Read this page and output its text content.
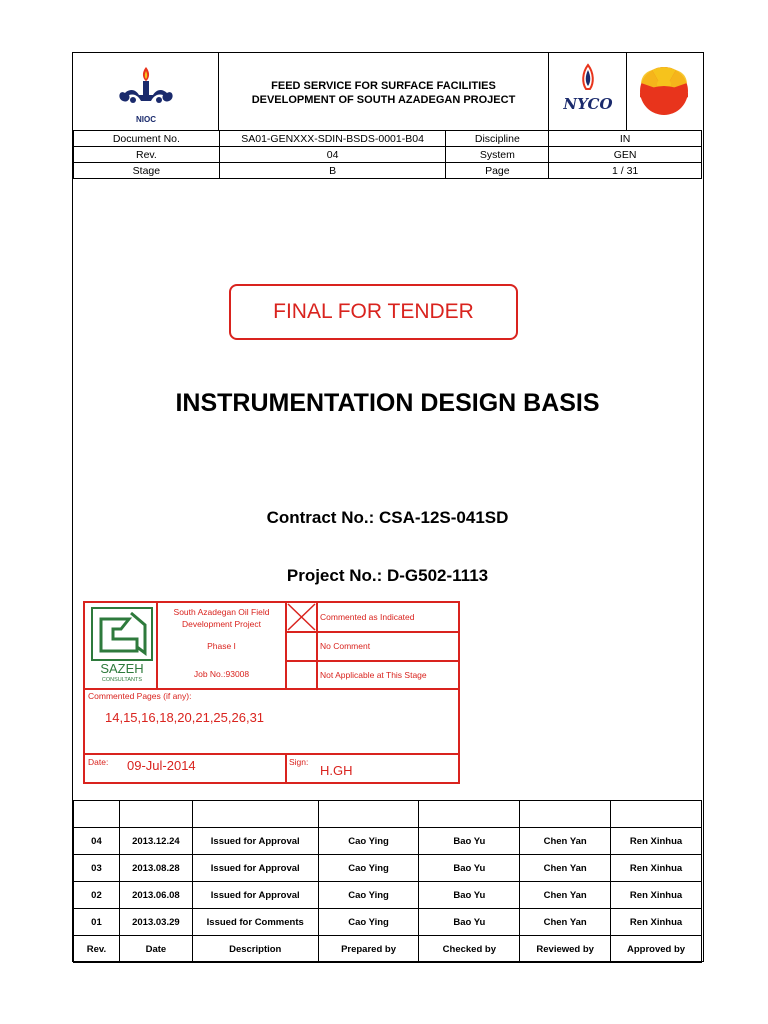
NIOC
FEED SERVICE FOR SURFACE FACILITIES
DEVELOPMENT OF SOUTH AZADEGAN PROJECT	NYCO
Document No.	SA01-GENXXX-SDIN-BSDS-0001-B04	Discipline	IN
Rev.	04	System	GEN
Stage	B	Page	1 / 31
FINAL FOR TENDER
INSTRUMENTATION DESIGN BASIS
Contract No.: CSA-12S-041SD
Project No.: D-G502-1113
SAZEH
CONSULTANTS
South Azadegan Oil Field
Development Project
Phase I
Job No.:93008
Commented as Indicated
No Comment
Not Applicable at This Stage
Commented Pages (if any):
14,15,16,18,20,21,25,26,31
Date: 09-Jul-2014	Sign:
H.GH

04	2013.12.24	Issued for Approval	Cao Ying	Bao Yu	Chen Yan	Ren Xinhua
03	2013.08.28	Issued for Approval	Cao Ying	Bao Yu	Chen Yan	Ren Xinhua
02	2013.06.08	Issued for Approval	Cao Ying	Bao Yu	Chen Yan	Ren Xinhua
01	2013.03.29	Issued for Comments	Cao Ying	Bao Yu	Chen Yan	Ren Xinhua
Rev.	Date	Description	Prepared by	Checked by	Reviewed by	Approved by
